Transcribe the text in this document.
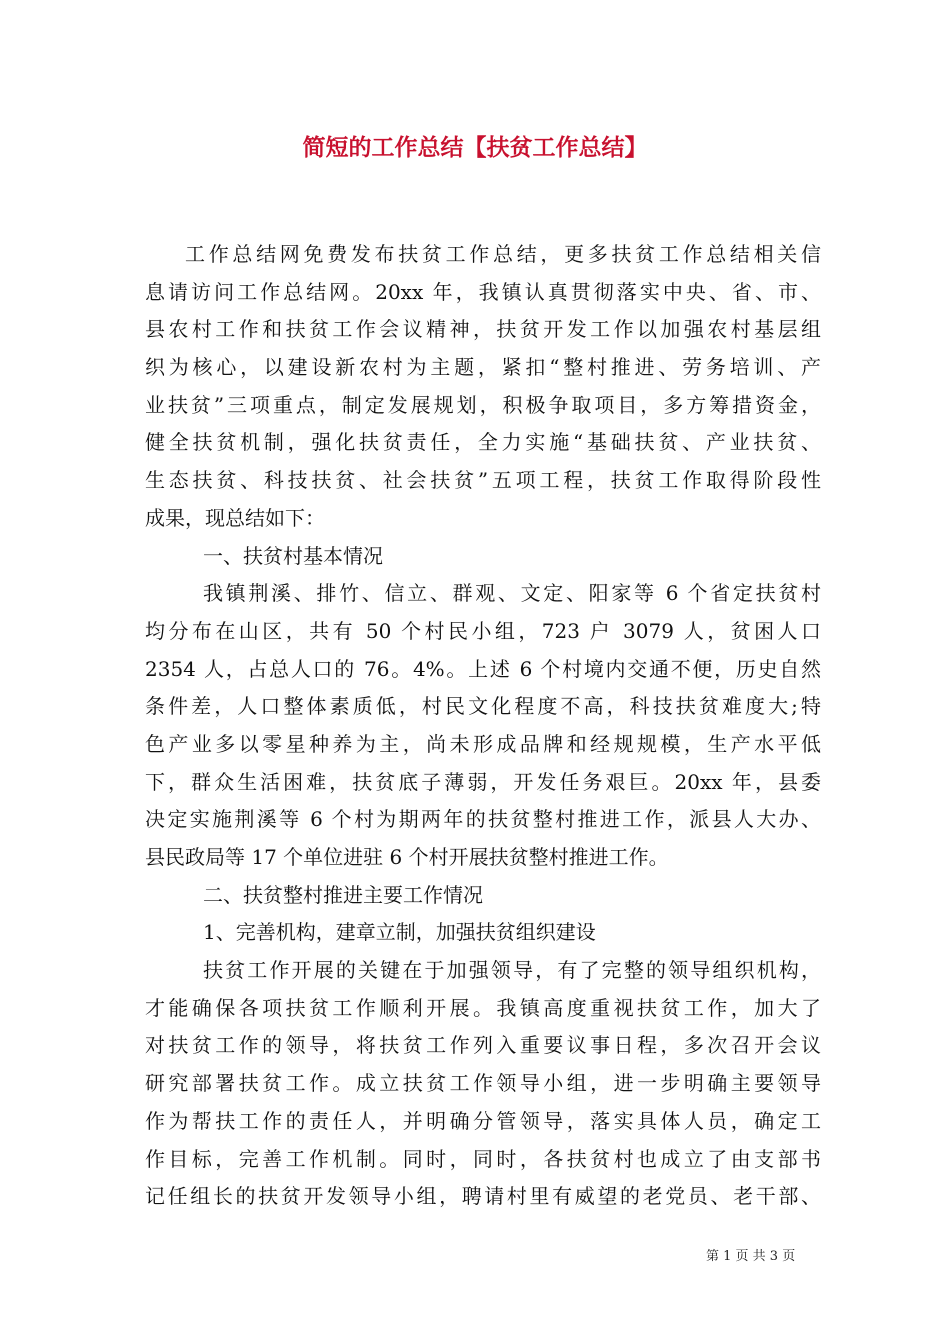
简短的工作总结【扶贫工作总结】
工作总结网免费发布扶贫工作总结，更多扶贫工作总结相关信
息请访问工作总结网。20xx 年，我镇认真贯彻落实中央、省、市、
县农村工作和扶贫工作会议精神，扶贫开发工作以加强农村基层组
织为核心，以建设新农村为主题，紧扣“整村推进、劳务培训、产
业扶贫”三项重点，制定发展规划，积极争取项目，多方筹措资金，
健全扶贫机制，强化扶贫责任，全力实施“基础扶贫、产业扶贫、
生态扶贫、科技扶贫、社会扶贫”五项工程，扶贫工作取得阶段性
成果，现总结如下：
一、扶贫村基本情况
我镇荆溪、排竹、信立、群观、文定、阳家等 6 个省定扶贫村
均分布在山区，共有 50 个村民小组，723 户 3079 人，贫困人口
2354 人，占总人口的 76。4%。上述 6 个村境内交通不便，历史自然
条件差，人口整体素质低，村民文化程度不高，科技扶贫难度大;特
色产业多以零星种养为主，尚未形成品牌和经规规模，生产水平低
下，群众生活困难，扶贫底子薄弱，开发任务艰巨。20xx 年，县委
决定实施荆溪等 6 个村为期两年的扶贫整村推进工作，派县人大办、
县民政局等 17 个单位进驻 6 个村开展扶贫整村推进工作。
二、扶贫整村推进主要工作情况
1、完善机构，建章立制，加强扶贫组织建设
扶贫工作开展的关键在于加强领导，有了完整的领导组织机构，
才能确保各项扶贫工作顺利开展。我镇高度重视扶贫工作，加大了
对扶贫工作的领导，将扶贫工作列入重要议事日程，多次召开会议
研究部署扶贫工作。成立扶贫工作领导小组，进一步明确主要领导
作为帮扶工作的责任人，并明确分管领导，落实具体人员，确定工
作目标，完善工作机制。同时，同时，各扶贫村也成立了由支部书
记任组长的扶贫开发领导小组，聘请村里有威望的老党员、老干部、
第 1 页 共 3 页
